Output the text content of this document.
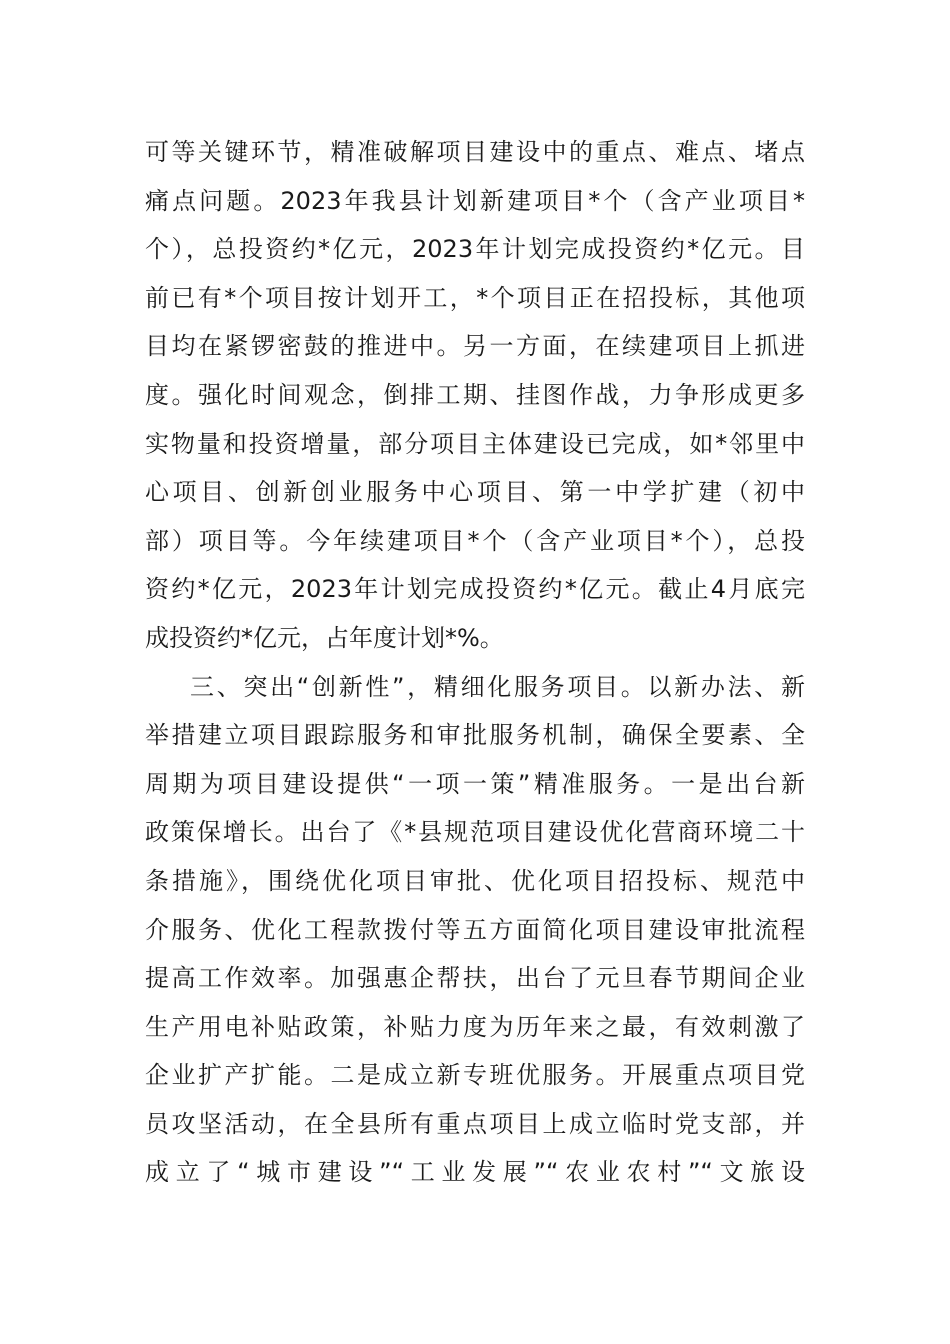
可等关键环节，精准破解项目建设中的重点、难点、堵点
痛点问题。2023年我县计划新建项目*个（含产业项目*
个），总投资约*亿元，2023年计划完成投资约*亿元。目
前已有*个项目按计划开工，*个项目正在招投标，其他项
目均在紧锣密鼓的推进中。另一方面，在续建项目上抓进
度。强化时间观念，倒排工期、挂图作战，力争形成更多
实物量和投资增量，部分项目主体建设已完成，如*邻里中
心项目、创新创业服务中心项目、第一中学扩建（初中
部）项目等。今年续建项目*个（含产业项目*个），总投
资约*亿元，2023年计划完成投资约*亿元。截止4月底完
成投资约*亿元，占年度计划*%。
三、突出“创新性”，精细化服务项目。以新办法、新
举措建立项目跟踪服务和审批服务机制，确保全要素、全
周期为项目建设提供“一项一策”精准服务。一是出台新
政策保增长。出台了《*县规范项目建设优化营商环境二十
条措施》，围绕优化项目审批、优化项目招投标、规范中
介服务、优化工程款拨付等五方面简化项目建设审批流程
提高工作效率。加强惠企帮扶，出台了元旦春节期间企业
生产用电补贴政策，补贴力度为历年来之最，有效刺激了
企业扩产扩能。二是成立新专班优服务。开展重点项目党
员攻坚活动，在全县所有重点项目上成立临时党支部，并
成立了“城市建设”“工业发展”“农业农村”“文旅设
